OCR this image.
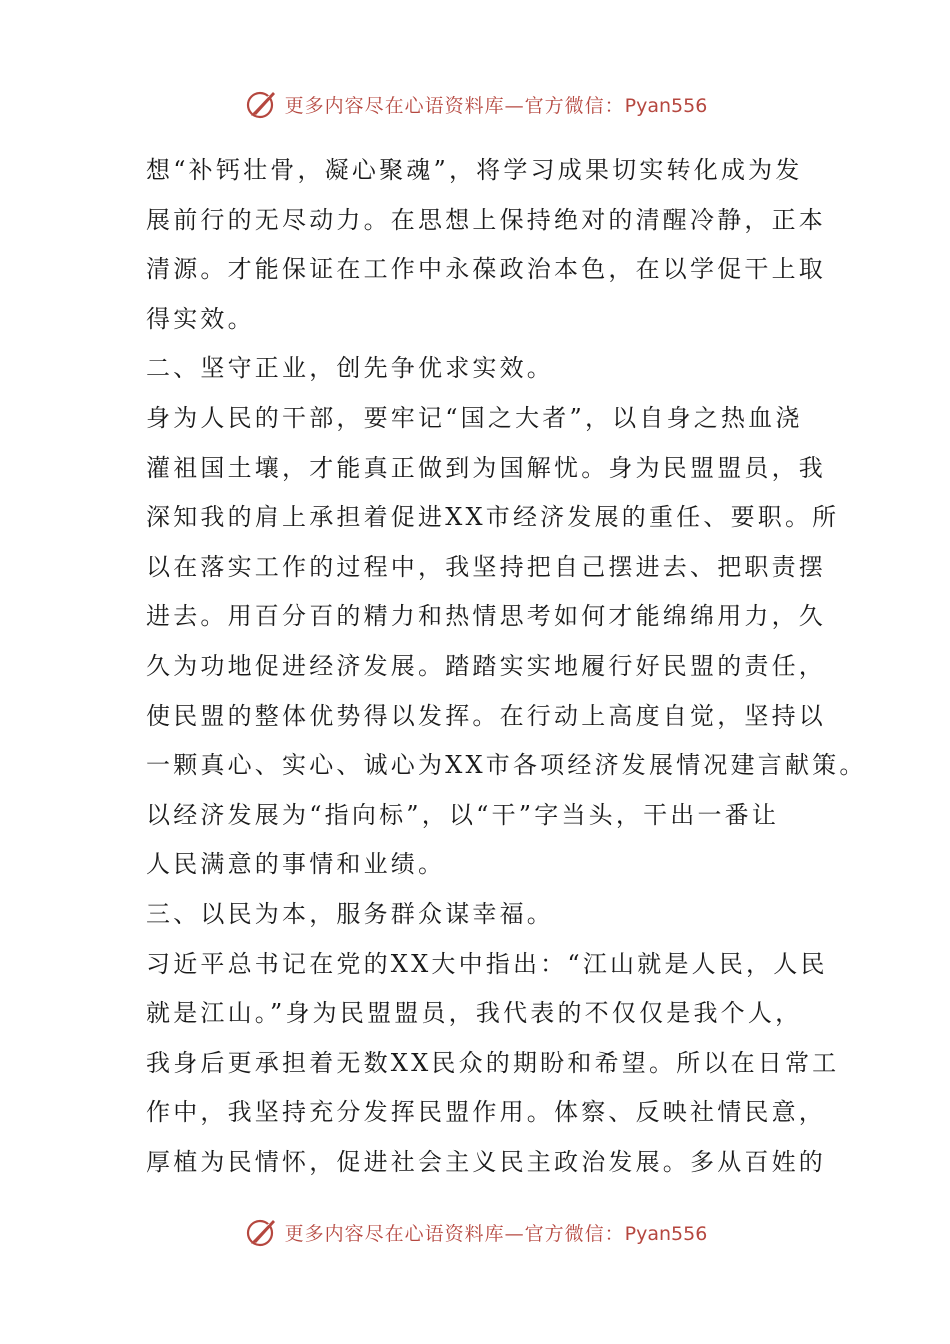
更多内容尽在心语资料库—官方微信：Pyan556
想“补钙壮骨，凝心聚魂”，将学习成果切实转化成为发
展前行的无尽动力。在思想上保持绝对的清醒冷静，正本
清源。才能保证在工作中永葆政治本色，在以学促干上取
得实效。
二、坚守正业，创先争优求实效。
身为人民的干部，要牢记“国之大者”，以自身之热血浇
灌祖国土壤，才能真正做到为国解忧。身为民盟盟员，我
深知我的肩上承担着促进XX市经济发展的重任、要职。所
以在落实工作的过程中，我坚持把自己摆进去、把职责摆
进去。用百分百的精力和热情思考如何才能绵绵用力，久
久为功地促进经济发展。踏踏实实地履行好民盟的责任，
使民盟的整体优势得以发挥。在行动上高度自觉，坚持以
一颗真心、实心、诚心为XX市各项经济发展情况建言献策。
以经济发展为“指向标”，以“干”字当头，干出一番让
人民满意的事情和业绩。
三、以民为本，服务群众谋幸福。
习近平总书记在党的XX大中指出：“江山就是人民，人民
就是江山。”身为民盟盟员，我代表的不仅仅是我个人，
我身后更承担着无数XX民众的期盼和希望。所以在日常工
作中，我坚持充分发挥民盟作用。体察、反映社情民意，
厚植为民情怀，促进社会主义民主政治发展。多从百姓的
更多内容尽在心语资料库—官方微信：Pyan556
